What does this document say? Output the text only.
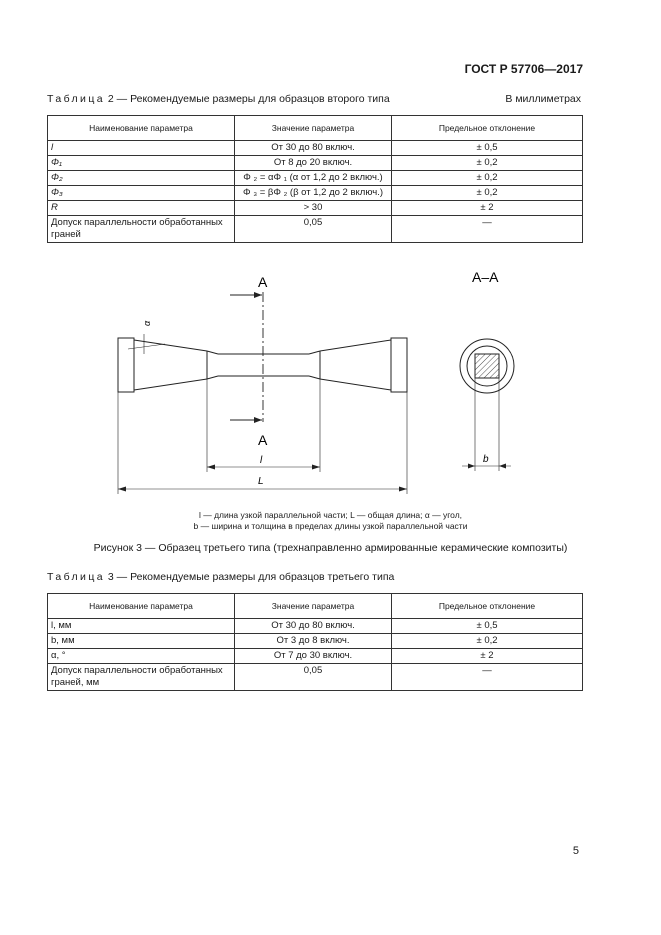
ГОСТ Р 57706—2017
Таблица 2 — Рекомендуемые размеры для образцов второго типа	В миллиметрах
Наименование параметра	Значение параметра	Предельное отклонение
l	От 30 до 80 включ.	± 0,5
Φ₁	От 8 до 20 включ.	± 0,2
Φ₂	Φ ₂ = αΦ ₁ (α от 1,2 до 2 включ.)	± 0,2
Φ₃	Φ ₃ = βΦ ₂ (β от 1,2 до 2 включ.)	± 0,2
R	> 30	± 2
Допуск параллельности обработанных граней	0,05	—
A
A
α
l
L
A–A
b
l — длина узкой параллельной части; L — общая длина; α — угол,
b — ширина и толщина в пределах длины узкой параллельной части
Рисунок 3 — Образец третьего типа (трехнаправленно армированные керамические композиты)
Таблица 3 — Рекомендуемые размеры для образцов третьего типа
Наименование параметра	Значение параметра	Предельное отклонение
l, мм	От 30 до 80 включ.	± 0,5
b, мм	От 3 до 8 включ.	± 0,2
α, °	От 7 до 30 включ.	± 2
Допуск параллельности обработанных граней, мм	0,05	—
5
